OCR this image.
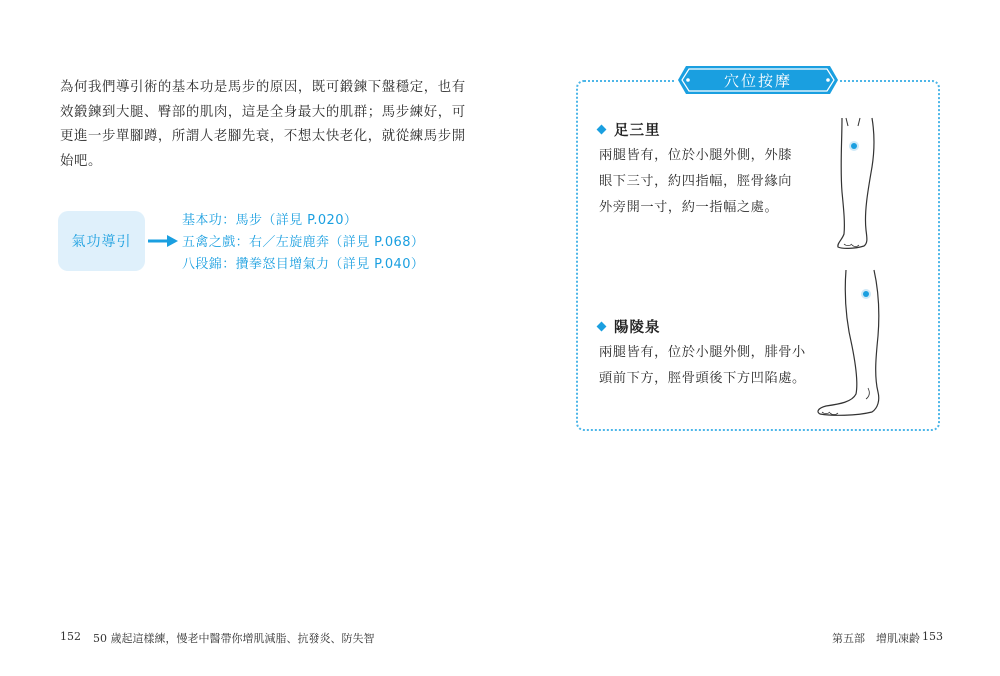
為何我們導引術的基本功是馬步的原因，既可鍛鍊下盤穩定，也有
效鍛鍊到大腿、臀部的肌肉，這是全身最大的肌群；馬步練好，可
更進一步單腳蹲，所謂人老腳先衰，不想太快老化，就從練馬步開
始吧。
氣功導引
基本功：馬步（詳見 P.020）
五禽之戲：右／左旋鹿奔（詳見 P.068）
八段錦：攢拳怒目增氣力（詳見 P.040）
穴位按摩
足三里
兩腿皆有，位於小腿外側，外膝
眼下三寸，約四指幅，脛骨緣向
外旁開一寸，約一指幅之處。
陽陵泉
兩腿皆有，位於小腿外側，腓骨小
頭前下方，脛骨頭後下方凹陷處。
152 50 歲起這樣練，慢老中醫帶你增肌減脂、抗發炎、防失智	第五部　增肌凍齡 153
